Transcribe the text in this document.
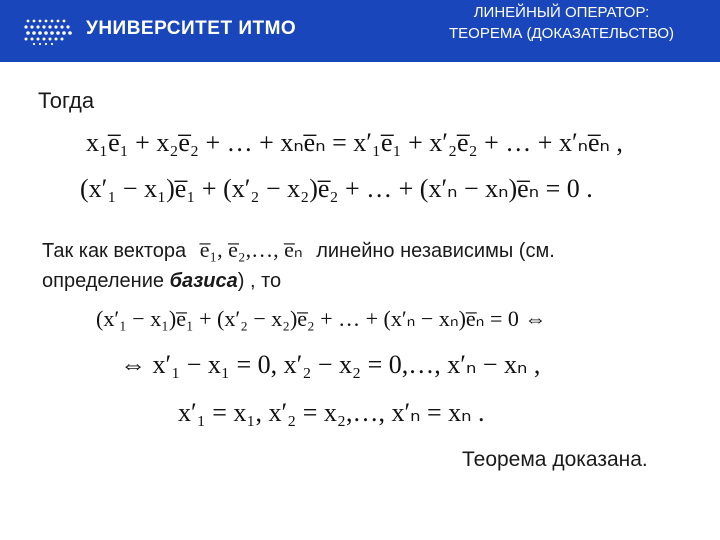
УНИВЕРСИТЕТ ИТМО
ЛИНЕЙНЫЙ ОПЕРАТОР:
ТЕОРЕМА (ДОКАЗАТЕЛЬСТВО)
Тогда
x₁e̅₁ + x₂e̅₂ + … + xₙe̅ₙ = x′₁e̅₁ + x′₂e̅₂ + … + x′ₙe̅ₙ ,
(x′₁ − x₁)e̅₁ + (x′₂ − x₂)e̅₂ + … + (x′ₙ − xₙ)e̅ₙ = 0 .
Так как вектора e̅₁, e̅₂,…, e̅ₙ линейно независимы (см.
определение базиса) , то
(x′₁ − x₁)e̅₁ + (x′₂ − x₂)e̅₂ + … + (x′ₙ − xₙ)e̅ₙ = 0 ⇔
⇔ x′₁ − x₁ = 0, x′₂ − x₂ = 0,…, x′ₙ − xₙ ,
x′₁ = x₁, x′₂ = x₂,…, x′ₙ = xₙ .
Теорема доказана.
